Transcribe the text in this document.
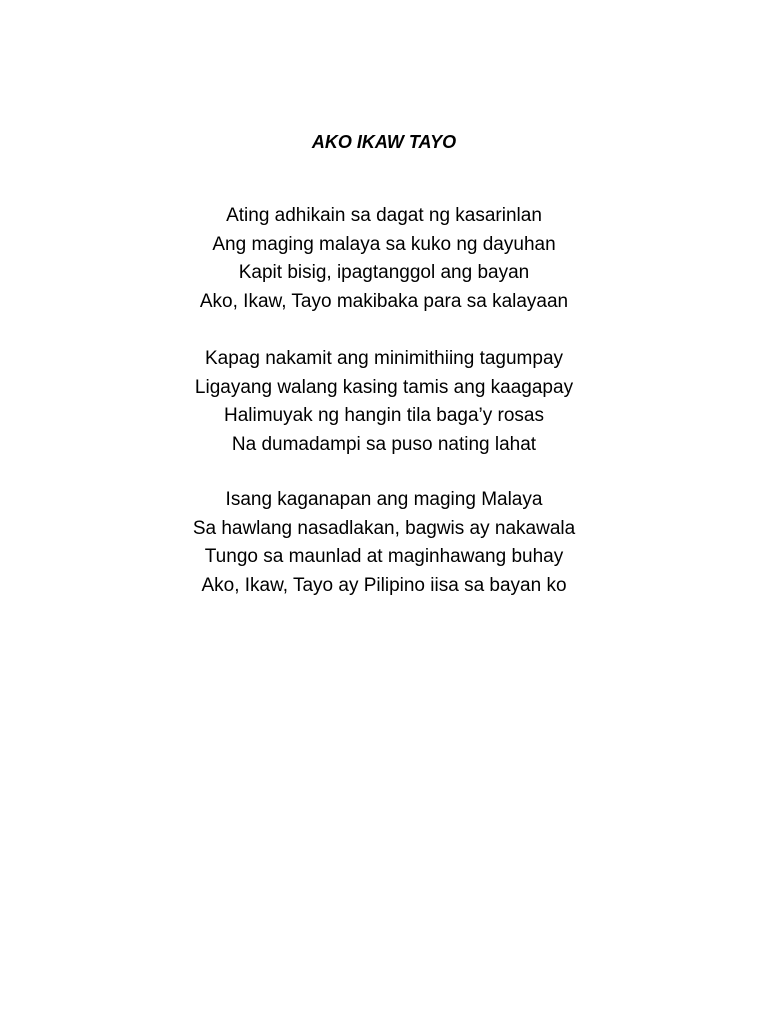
AKO IKAW TAYO
Ating adhikain sa dagat ng kasarinlan
Ang maging malaya sa kuko ng dayuhan
Kapit bisig, ipagtanggol ang bayan
Ako, Ikaw, Tayo makibaka para sa kalayaan
Kapag nakamit ang minimithiing tagumpay
Ligayang walang kasing tamis ang kaagapay
Halimuyak ng hangin tila baga’y rosas
Na dumadampi sa puso nating lahat
Isang kaganapan ang maging Malaya
Sa hawlang nasadlakan, bagwis ay nakawala
Tungo sa maunlad at maginhawang buhay
Ako, Ikaw, Tayo ay Pilipino iisa sa bayan ko
